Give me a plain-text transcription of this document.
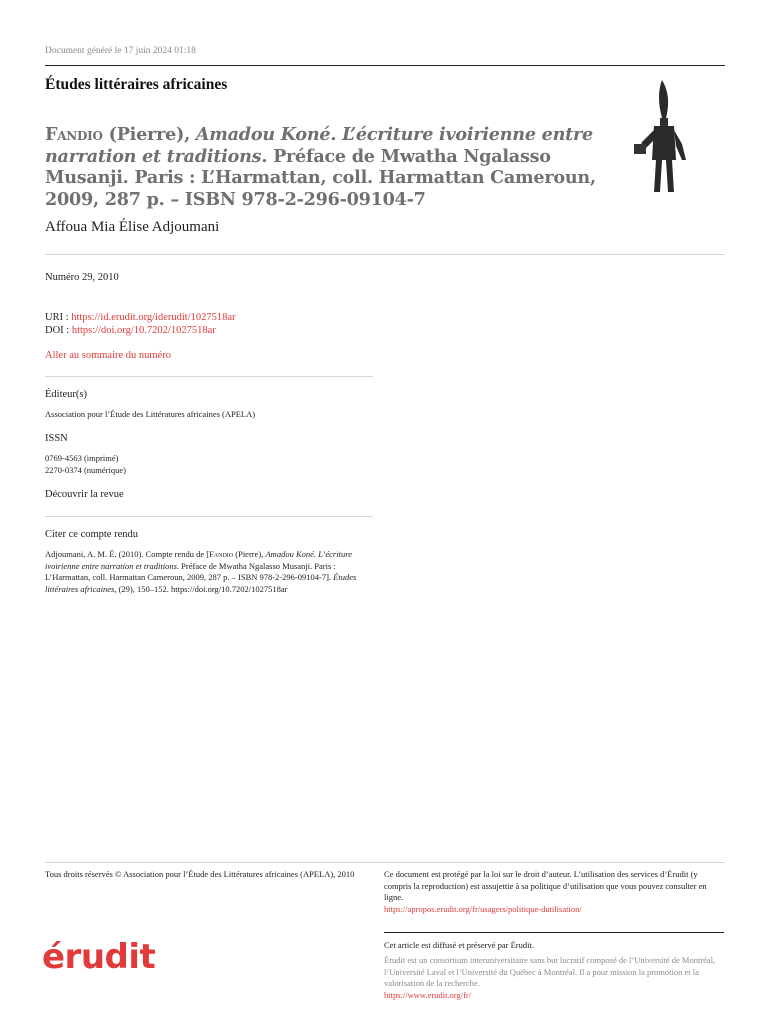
Document généré le 17 juin 2024 01:18
Études littéraires africaines
Fandio (Pierre), Amadou Koné. L’écriture ivoirienne entre narration et traditions. Préface de Mwatha Ngalasso Musanji. Paris : L’Harmattan, coll. Harmattan Cameroun, 2009, 287 p. – ISBN 978-2-296-09104-7
Affoua Mia Élise Adjoumani
Numéro 29, 2010
URI : https://id.erudit.org/iderudit/1027518ar
DOI : https://doi.org/10.7202/1027518ar
Aller au sommaire du numéro
Éditeur(s)
Association pour l’Étude des Littératures africaines (APELA)
ISSN
0769-4563 (imprimé)
2270-0374 (numérique)
Découvrir la revue
Citer ce compte rendu
Adjoumani, A. M. É. (2010). Compte rendu de [Fandio (Pierre), Amadou Koné. L’écriture ivoirienne entre narration et traditions. Préface de Mwatha Ngalasso Musanji. Paris : L’Harmattan, coll. Harmattan Cameroun, 2009, 287 p. – ISBN 978-2-296-09104-7]. Études littéraires africaines, (29), 150–152. https://doi.org/10.7202/1027518ar
Tous droits réservés © Association pour l’Étude des Littératures africaines (APELA), 2010	Ce document est protégé par la loi sur le droit d’auteur. L’utilisation des services d’Érudit (y compris la reproduction) est assujettie à sa politique d’utilisation que vous pouvez consulter en ligne.
https://apropos.erudit.org/fr/usagers/politique-dutilisation/
érudit	Cet article est diffusé et préservé par Érudit.
Érudit est un consortium interuniversitaire sans but lucratif composé de l’Université de Montréal, l’Université Laval et l’Université du Québec à Montréal. Il a pour mission la promotion et la valorisation de la recherche.
https://www.erudit.org/fr/
